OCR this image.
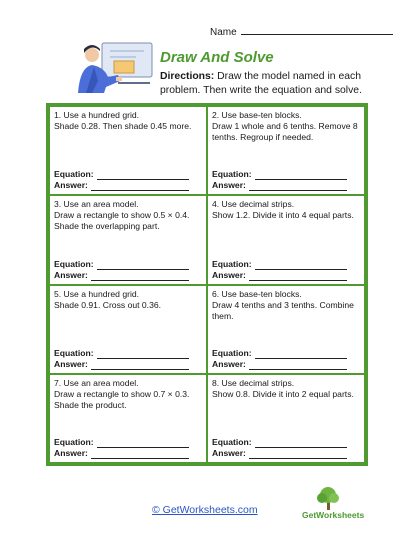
Name
Draw And Solve
Directions: Draw the model named in each problem. Then write the equation and solve.
1. Use a hundred grid.
Shade 0.28. Then shade 0.45 more.
Equation:
Answer:
2. Use base-ten blocks.
Draw 1 whole and 6 tenths. Remove 8 tenths. Regroup if needed.
Equation:
Answer:
3. Use an area model.
Draw a rectangle to show 0.5 × 0.4. Shade the overlapping part.
Equation:
Answer:
4. Use decimal strips.
Show 1.2. Divide it into 4 equal parts.
Equation:
Answer:
5. Use a hundred grid.
Shade 0.91. Cross out 0.36.
Equation:
Answer:
6. Use base-ten blocks.
Draw 4 tenths and 3 tenths. Combine them.
Equation:
Answer:
7. Use an area model.
Draw a rectangle to show 0.7 × 0.3. Shade the product.
Equation:
Answer:
8. Use decimal strips.
Show 0.8. Divide it into 2 equal parts.
Equation:
Answer:
© GetWorksheets.com	GetWorksheets
